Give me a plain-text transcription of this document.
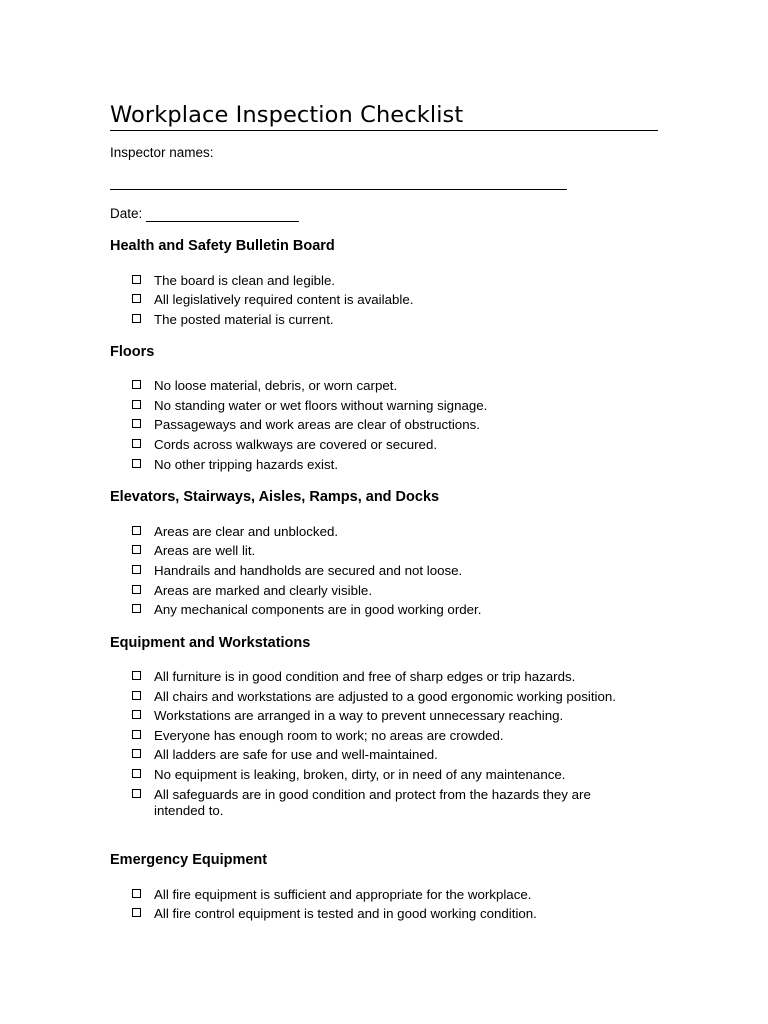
Workplace Inspection Checklist
Inspector names:
Date:
Health and Safety Bulletin Board
The board is clean and legible.
All legislatively required content is available.
The posted material is current.
Floors
No loose material, debris, or worn carpet.
No standing water or wet floors without warning signage.
Passageways and work areas are clear of obstructions.
Cords across walkways are covered or secured.
No other tripping hazards exist.
Elevators, Stairways, Aisles, Ramps, and Docks
Areas are clear and unblocked.
Areas are well lit.
Handrails and handholds are secured and not loose.
Areas are marked and clearly visible.
Any mechanical components are in good working order.
Equipment and Workstations
All furniture is in good condition and free of sharp edges or trip hazards.
All chairs and workstations are adjusted to a good ergonomic working position.
Workstations are arranged in a way to prevent unnecessary reaching.
Everyone has enough room to work; no areas are crowded.
All ladders are safe for use and well-maintained.
No equipment is leaking, broken, dirty, or in need of any maintenance.
All safeguards are in good condition and protect from the hazards they are intended to.
Emergency Equipment
All fire equipment is sufficient and appropriate for the workplace.
All fire control equipment is tested and in good working condition.
